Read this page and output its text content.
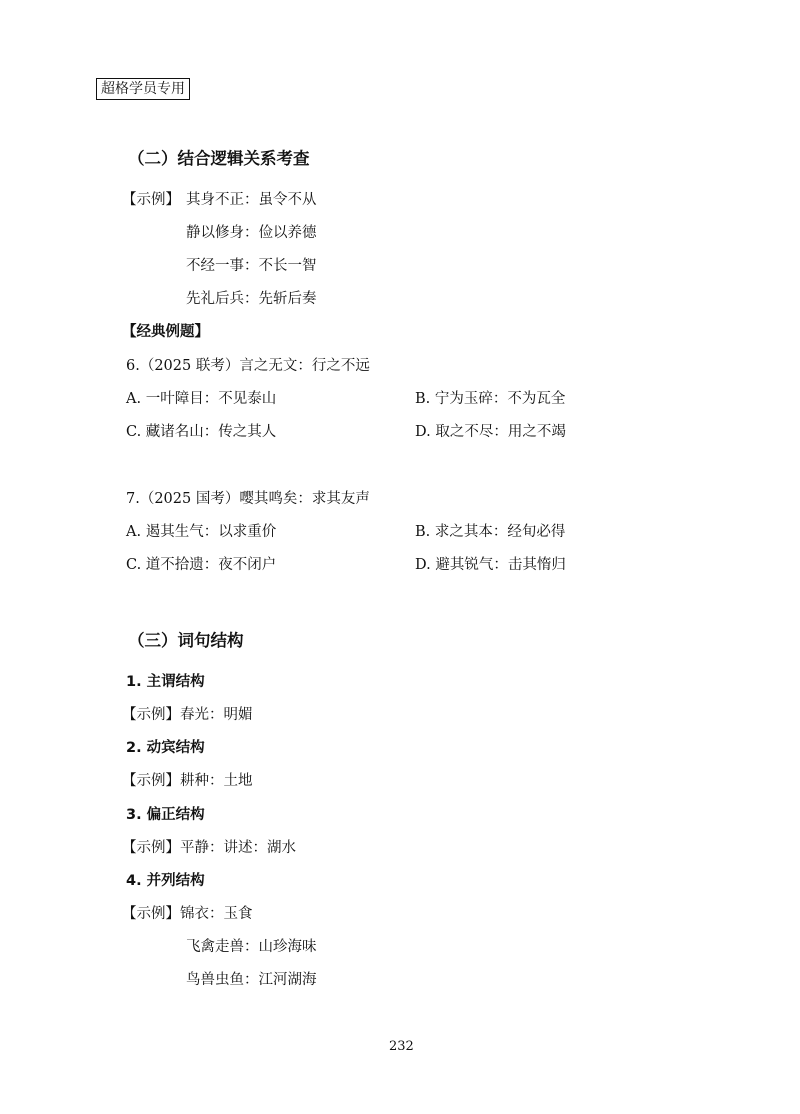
超格学员专用
（二）结合逻辑关系考查
【示例】 其身不正：虽令不从
静以修身：俭以养德
不经一事：不长一智
先礼后兵：先斩后奏
【经典例题】
6.（2025 联考）言之无文：行之不远
A. 一叶障目：不见泰山	B. 宁为玉碎：不为瓦全
C. 藏诸名山：传之其人	D. 取之不尽：用之不竭
7.（2025 国考）嘤其鸣矣：求其友声
A. 遏其生气：以求重价	B. 求之其本：经旬必得
C. 道不拾遗：夜不闭户	D. 避其锐气：击其惰归
（三）词句结构
1. 主谓结构
【示例】春光：明媚
2. 动宾结构
【示例】耕种：土地
3. 偏正结构
【示例】平静：讲述：湖水
4. 并列结构
【示例】锦衣：玉食
飞禽走兽：山珍海味
鸟兽虫鱼：江河湖海
232
